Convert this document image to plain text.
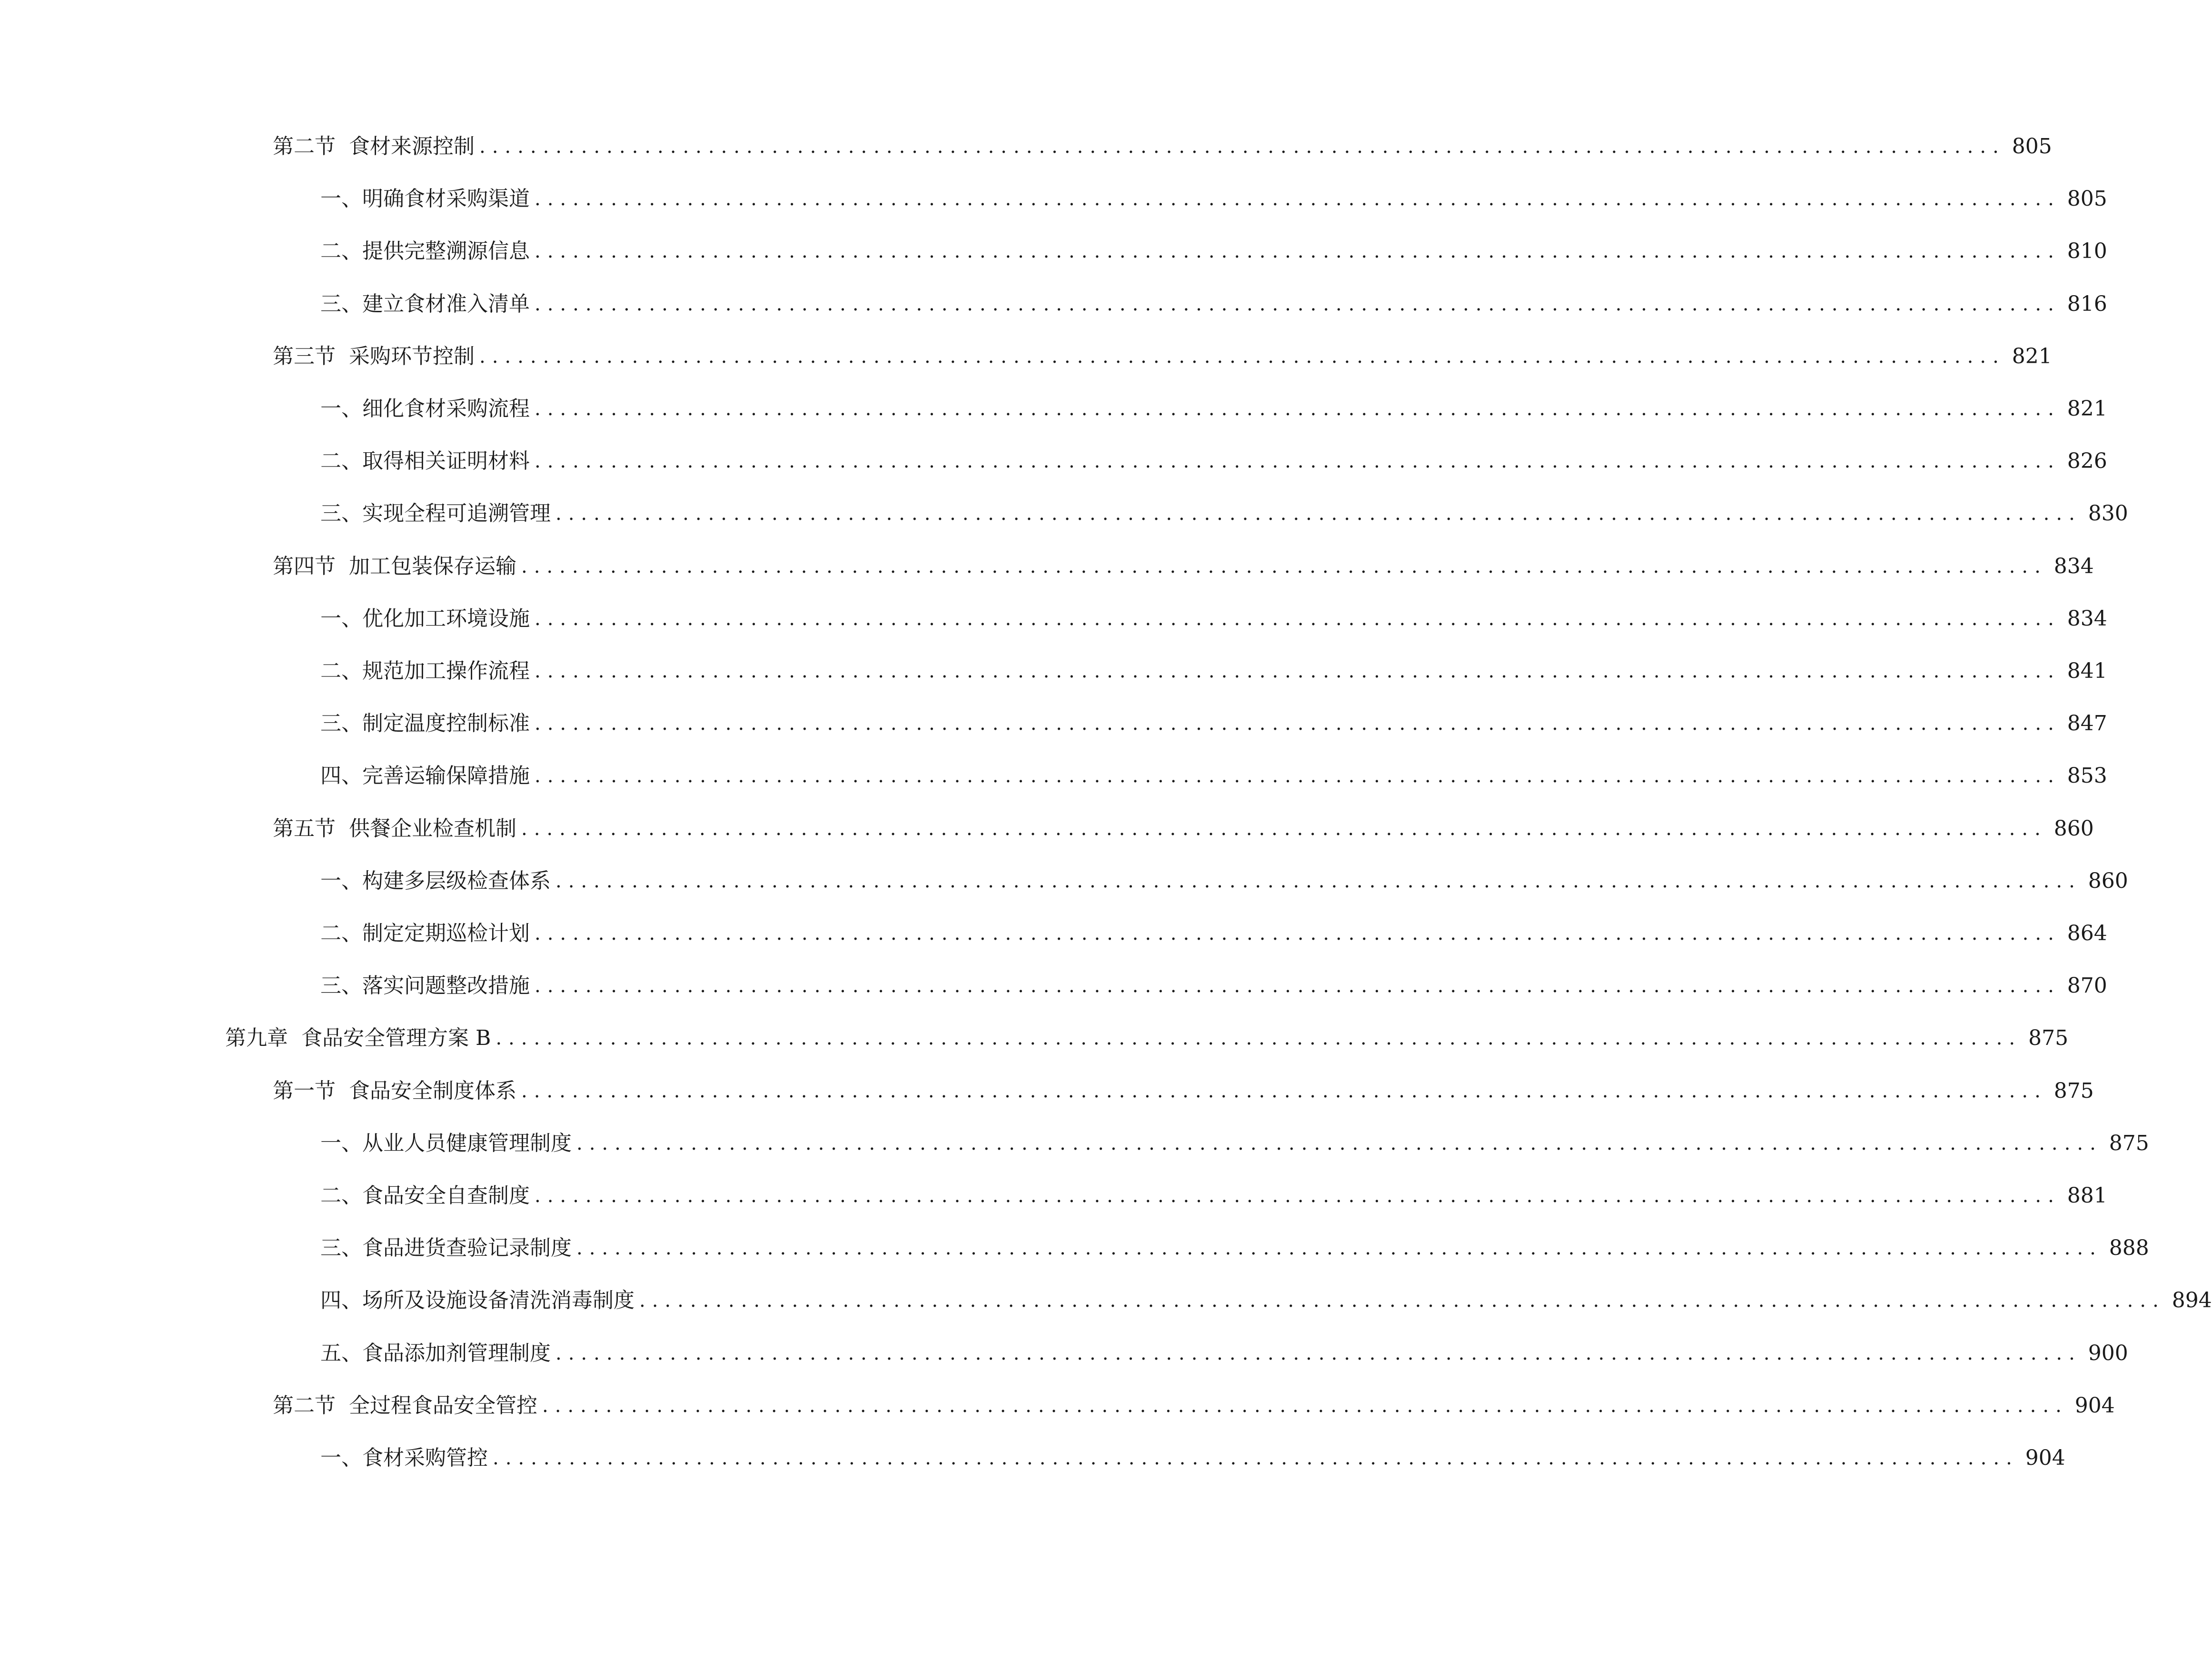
第二节 食材来源控制 ........................................................................................................................ 805
一、 明确食材采购渠道 ........................................................................................................................ 805
二、 提供完整溯源信息 ........................................................................................................................ 810
三、 建立食材准入清单 ........................................................................................................................ 816
第三节 采购环节控制 ........................................................................................................................ 821
一、 细化食材采购流程 ........................................................................................................................ 821
二、 取得相关证明材料 ........................................................................................................................ 826
三、 实现全程可追溯管理 ........................................................................................................................ 830
第四节 加工包装保存运输 ........................................................................................................................ 834
一、 优化加工环境设施 ........................................................................................................................ 834
二、 规范加工操作流程 ........................................................................................................................ 841
三、 制定温度控制标准 ........................................................................................................................ 847
四、 完善运输保障措施 ........................................................................................................................ 853
第五节 供餐企业检查机制 ........................................................................................................................ 860
一、 构建多层级检查体系 ........................................................................................................................ 860
二、 制定定期巡检计划 ........................................................................................................................ 864
三、 落实问题整改措施 ........................................................................................................................ 870
第九章 食品安全管理方案 B ........................................................................................................................ 875
第一节 食品安全制度体系 ........................................................................................................................ 875
一、 从业人员健康管理制度 ........................................................................................................................ 875
二、 食品安全自查制度 ........................................................................................................................ 881
三、 食品进货查验记录制度 ........................................................................................................................ 888
四、 场所及设施设备清洗消毒制度 ........................................................................................................................ 894
五、 食品添加剂管理制度 ........................................................................................................................ 900
第二节 全过程食品安全管控 ........................................................................................................................ 904
一、 食材采购管控 ........................................................................................................................ 904
